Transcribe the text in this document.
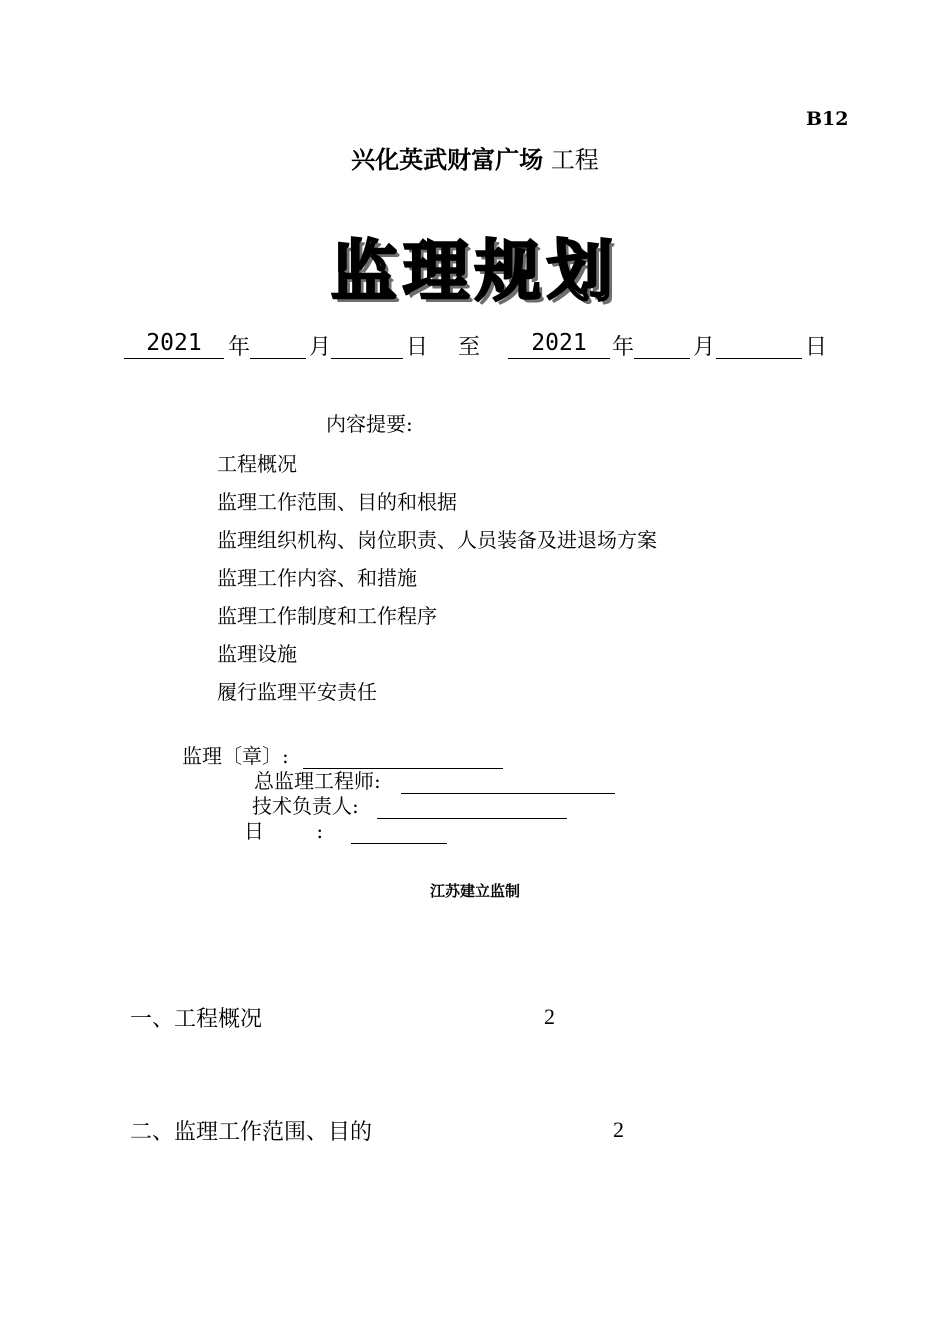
B12
兴化英武财富广场 工程
监理规划
2021	年	月	日 至	2021	年	月	日
内容提要:
工程概况
监理工作范围、目的和根据
监理组织机构、岗位职责、人员装备及进退场方案
监理工作内容、和措施
监理工作制度和工作程序
监理设施
履行监理平安责任
监理〔章〕:
总监理工程师:
技术负责人:
日	:
江苏建立监制
一、工程概况	2
二、监理工作范围、目的	2
